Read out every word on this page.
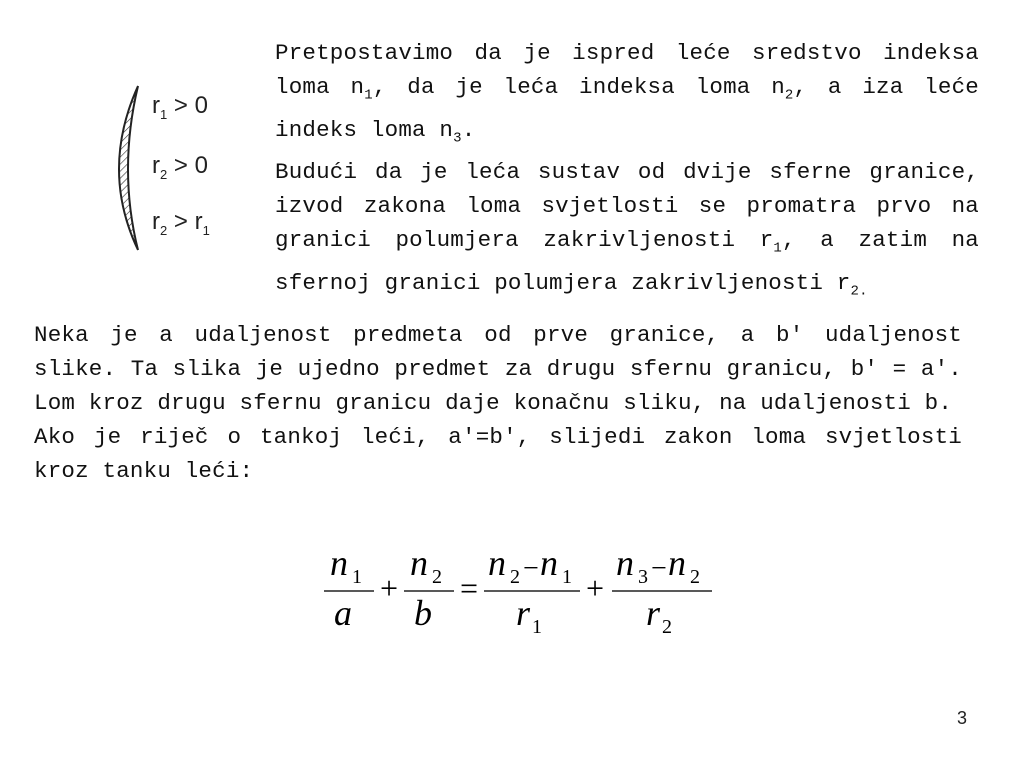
$r_1 > 0$
$r_2 > 0$
$r_2 > r_1$

Pretpostavimo da je ispred leće sredstvo indeksa loma $n_1$, da je leća indeksa loma $n_2$, a iza leće indeks loma $n_3$.

Budući da je leća sustav od dvije sferne granice, izvod zakona loma svjetlosti se promatra prvo na granici polumjera zakrivljenosti $r_1$, a zatim na sfernoj granici polumjera zakrivljenosti $r_{2.}$

Neka je a udaljenost predmeta od prve granice, a b′ udaljenost slike. Ta slika je ujedno predmet za drugu sfernu granicu, b′ = a′. Lom kroz drugu sfernu granicu daje konačnu sliku, na udaljenosti b.

Ako je riječ o tankoj leći, a′=b′, slijedi zakon loma svjetlosti kroz tanku leći:

n 1
a
+
n 2
b
=
n 2 − n 1
r 1
+
n 3 − n 2
r 2
3
